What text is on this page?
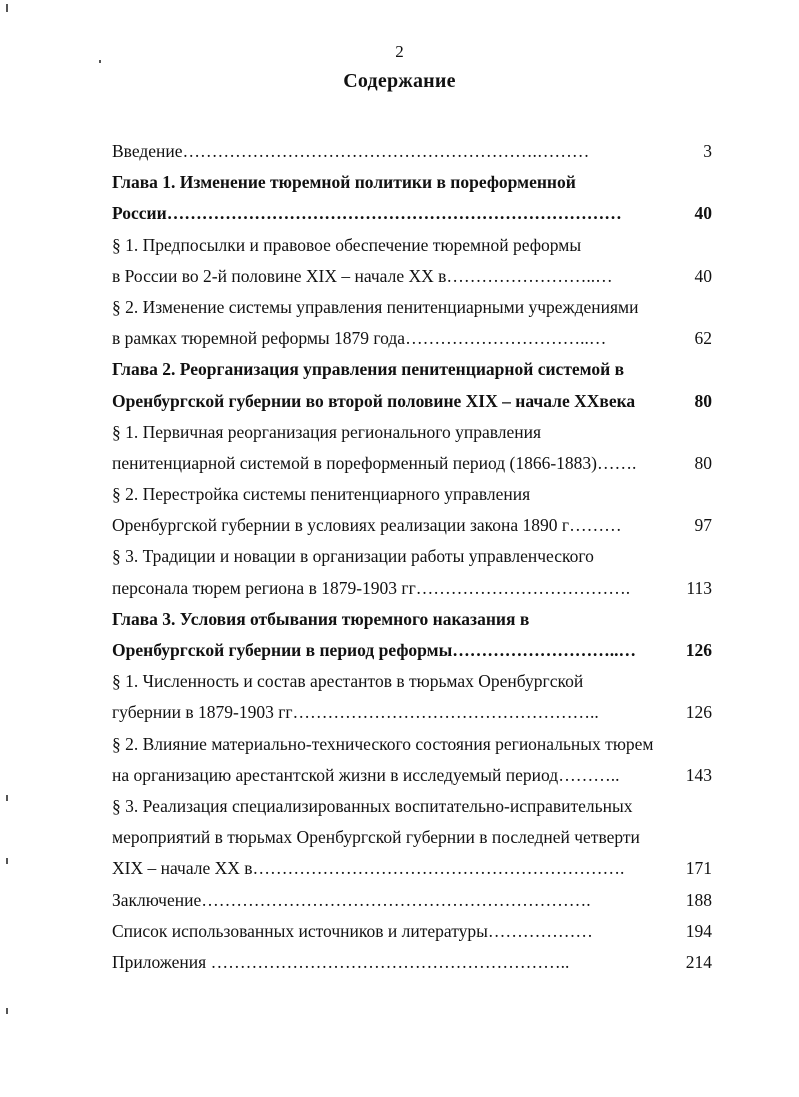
2
Содержание
Введение…………………………………………………….………	3
Глава 1. Изменение тюремной политики в пореформенной
России……………………………………………………………………	40
§ 1. Предпосылки и правовое обеспечение тюремной реформы
в России во 2-й половине XIX – начале XX в……………………..…	40
§ 2. Изменение системы управления пенитенциарными учреждениями
в рамках тюремной реформы 1879 года…………………………..…	62
Глава 2. Реорганизация управления пенитенциарной системой в
Оренбургской губернии во второй половине XIX – начале XXвека	80
§ 1. Первичная реорганизация регионального управления
пенитенциарной системой в пореформенный период (1866-1883)…….	80
§ 2. Перестройка системы пенитенциарного управления
Оренбургской губернии в условиях реализации закона 1890 г………	97
§ 3. Традиции и новации в организации работы управленческого
персонала тюрем региона в 1879-1903 гг……………………………….	113
Глава 3. Условия отбывания тюремного наказания в
Оренбургской губернии в период реформы………………………..…	126
§ 1. Численность и состав арестантов в тюрьмах Оренбургской
губернии в 1879-1903 гг……………………………………………..	126
§ 2. Влияние материально-технического состояния региональных тюрем
на организацию арестантской жизни в исследуемый период………..	143
§ 3. Реализация специализированных воспитательно-исправительных
мероприятий в тюрьмах Оренбургской губернии в последней четверти
XIX – начале XX в……………………………………………………….	171
Заключение………………………………………………………….	188
Список использованных источников и литературы………………	194
Приложения ……………………………………………………..	214
